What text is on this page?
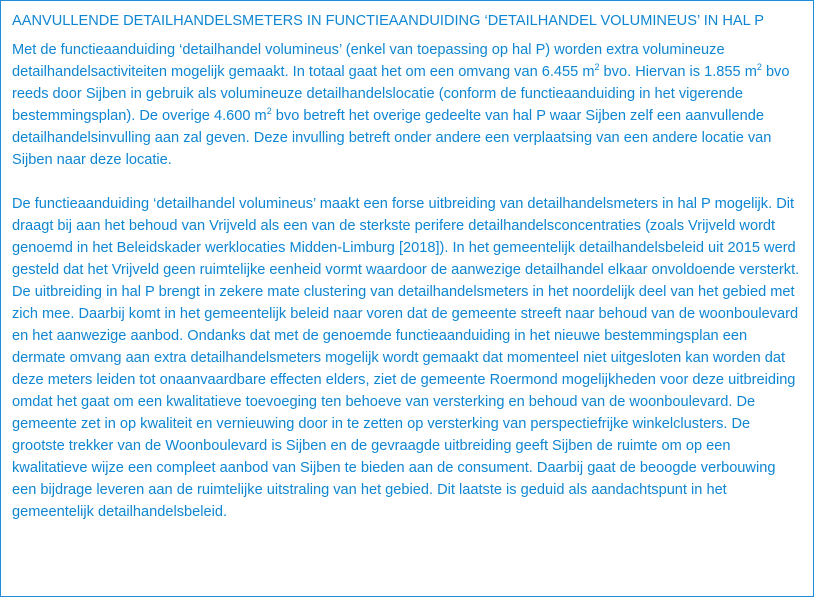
AANVULLENDE DETAILHANDELSMETERS IN FUNCTIEAANDUIDING ‘DETAILHANDEL VOLUMINEUS’ IN HAL P

Met de functieaanduiding ‘detailhandel volumineus’ (enkel van toepassing op hal P) worden extra volumineuze detailhandelsactiviteiten mogelijk gemaakt. In totaal gaat het om een omvang van 6.455 $m^2$ bvo. Hiervan is 1.855 $m^2$ bvo reeds door Sijben in gebruik als volumineuze detailhandelslocatie (conform de functieaanduiding in het vigerende bestemmingsplan). De overige 4.600 $m^2$ bvo betreft het overige gedeelte van hal P waar Sijben zelf een aanvullende detailhandelsinvulling aan zal geven. Deze invulling betreft onder andere een verplaatsing van een andere locatie van Sijben naar deze locatie.

De functieaanduiding ‘detailhandel volumineus’ maakt een forse uitbreiding van detailhandelsmeters in hal P mogelijk. Dit draagt bij aan het behoud van Vrijveld als een van de sterkste perifere detailhandelsconcentraties (zoals Vrijveld wordt genoemd in het Beleidskader werklocaties Midden-Limburg [2018]). In het gemeentelijk detailhandelsbeleid uit 2015 werd gesteld dat het Vrijveld geen ruimtelijke eenheid vormt waardoor de aanwezige detailhandel elkaar onvoldoende versterkt. De uitbreiding in hal P brengt in zekere mate clustering van detailhandelsmeters in het noordelijk deel van het gebied met zich mee. Daarbij komt in het gemeentelijk beleid naar voren dat de gemeente streeft naar behoud van de woonboulevard en het aanwezige aanbod. Ondanks dat met de genoemde functieaanduiding in het nieuwe bestemmingsplan een dermate omvang aan extra detailhandelsmeters mogelijk wordt gemaakt dat momenteel niet uitgesloten kan worden dat deze meters leiden tot onaanvaardbare effecten elders, ziet de gemeente Roermond mogelijkheden voor deze uitbreiding omdat het gaat om een kwalitatieve toevoeging ten behoeve van versterking en behoud van de woonboulevard. De gemeente zet in op kwaliteit en vernieuwing door in te zetten op versterking van perspectiefrijke winkelclusters. De grootste trekker van de Woonboulevard is Sijben en de gevraagde uitbreiding geeft Sijben de ruimte om op een kwalitatieve wijze een compleet aanbod van Sijben te bieden aan de consument. Daarbij gaat de beoogde verbouwing een bijdrage leveren aan de ruimtelijke uitstraling van het gebied. Dit laatste is geduid als aandachtspunt in het gemeentelijk detailhandelsbeleid.
